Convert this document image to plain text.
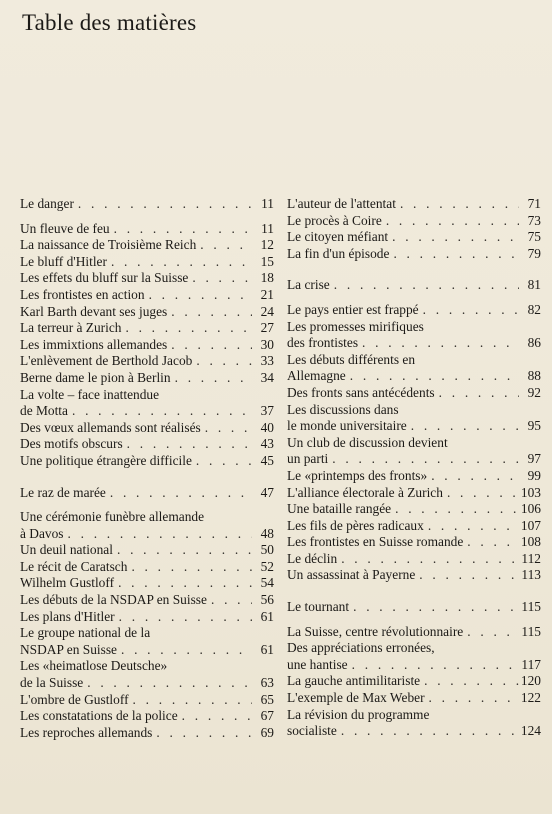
Table des matières
Le danger . . .	11
Un fleuve de feu . . .	11
La naissance de Troisième Reich . . .	12
Le bluff d'Hitler . . .	15
Les effets du bluff sur la Suisse . . .	18
Les frontistes en action . . .	21
Karl Barth devant ses juges . . .	24
La terreur à Zurich . . .	27
Les immixtions allemandes . . .	30
L'enlèvement de Berthold Jacob . . .	33
Berne dame le pion à Berlin . . .	34
La volte – face inattendue
de Motta . . .	37
Des vœux allemands sont réalisés . . .	40
Des motifs obscurs . . .	43
Une politique étrangère difficile . . .	45
Le raz de marée . . .	47
Une cérémonie funèbre allemande
à Davos . . .	48
Un deuil national . . .	50
Le récit de Caratsch . . .	52
Wilhelm Gustloff . . .	54
Les débuts de la NSDAP en Suisse . . .	56
Les plans d'Hitler . . .	61
Le groupe national de la
NSDAP en Suisse . . .	61
Les «heimatlose Deutsche»
de la Suisse . . .	63
L'ombre de Gustloff . . .	65
Les constatations de la police . . .	67
Les reproches allemands . . .	69
L'auteur de l'attentat . . .	71
Le procès à Coire . . .	73
Le citoyen méfiant . . .	75
La fin d'un épisode . . .	79
La crise . . .	81
Le pays entier est frappé . . .	82
Les promesses mirifiques
des frontistes . . .	86
Les débuts différents en
Allemagne . . .	88
Des fronts sans antécédents . . .	92
Les discussions dans
le monde universitaire . . .	95
Un club de discussion devient
un parti . . .	97
Le «printemps des fronts» . . .	99
L'alliance électorale à Zurich . . .	103
Une bataille rangée . . .	106
Les fils de pères radicaux . . .	107
Les frontistes en Suisse romande . . .	108
Le déclin . . .	112
Un assassinat à Payerne . . .	113
Le tournant . . .	115
La Suisse, centre révolutionnaire . . .	115
Des appréciations erronées,
une hantise . . .	117
La gauche antimilitariste . . .	120
L'exemple de Max Weber . . .	122
La révision du programme
socialiste . . .	124
